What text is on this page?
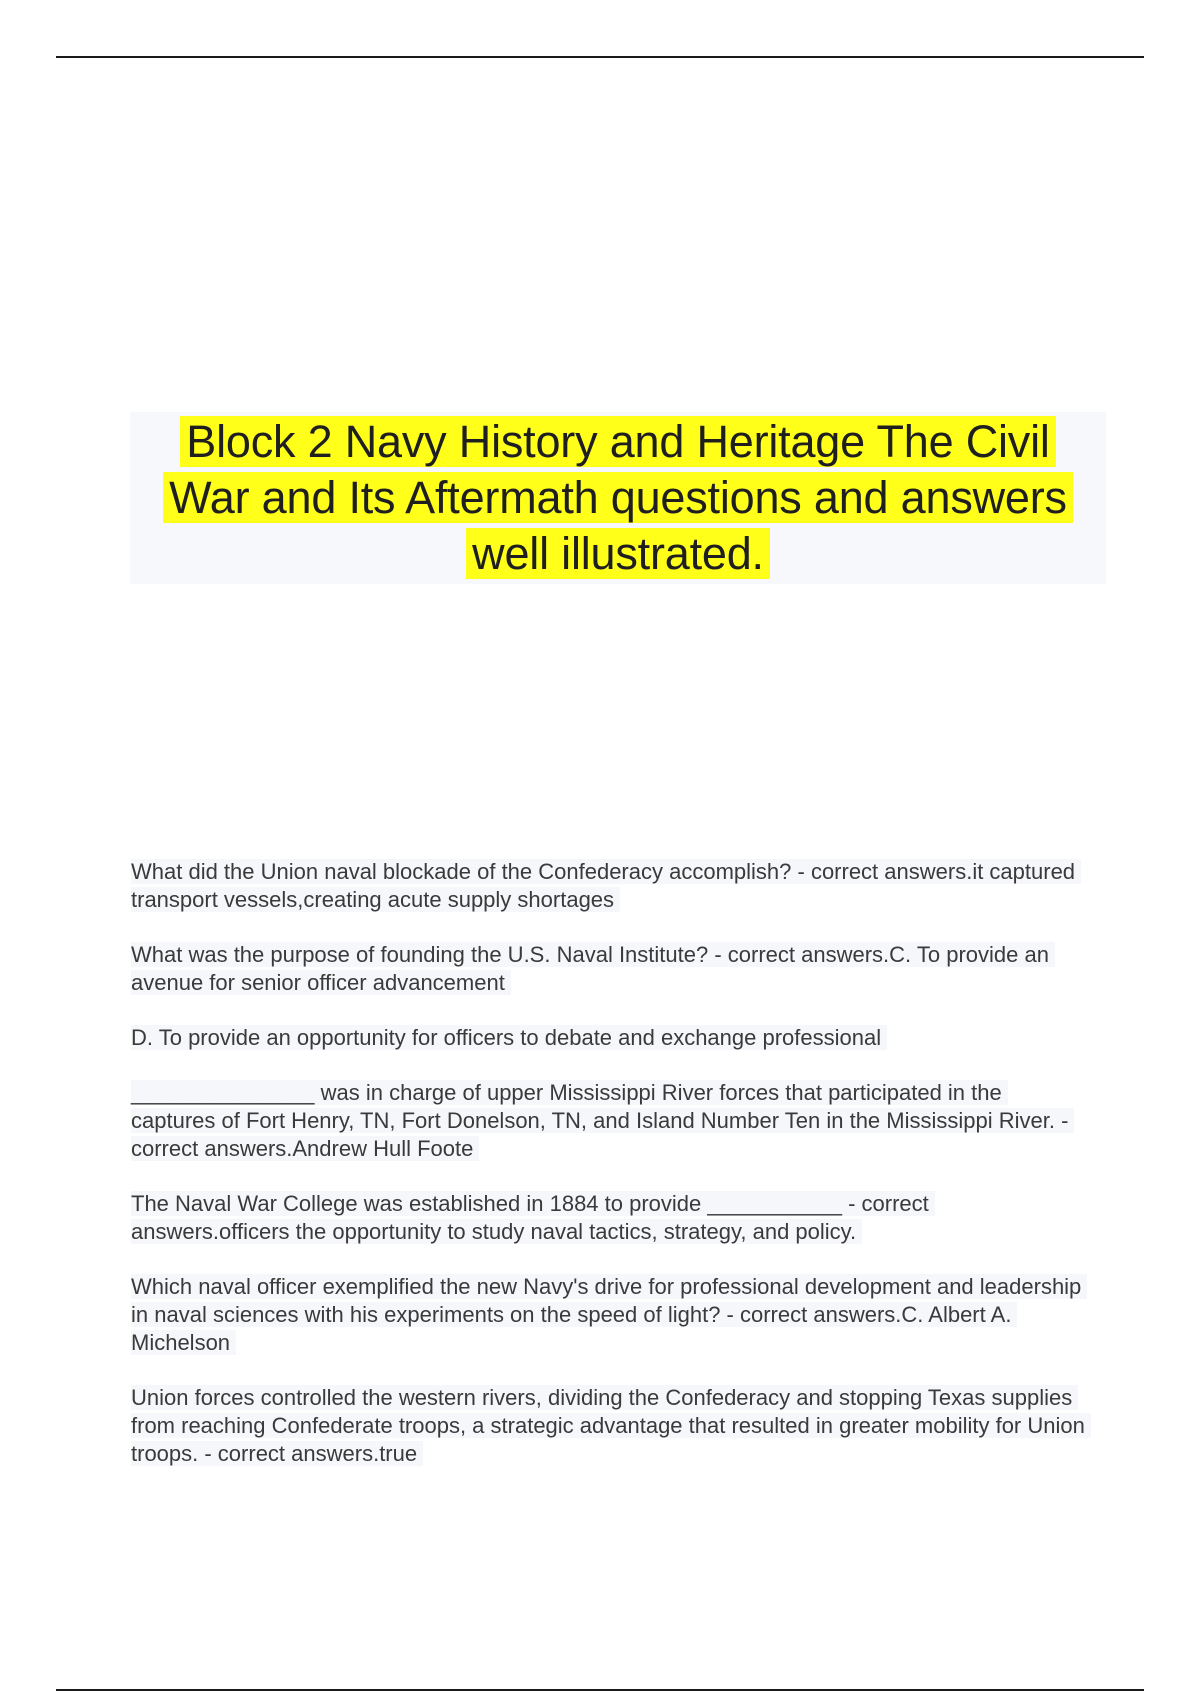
Block 2 Navy History and Heritage The Civil War and Its Aftermath questions and answers well illustrated.

What did the Union naval blockade of the Confederacy accomplish? - correct answers.it captured transport vessels,creating acute supply shortages

What was the purpose of founding the U.S. Naval Institute? - correct answers.C. To provide an avenue for senior officer advancement

D. To provide an opportunity for officers to debate and exchange professional

_______________ was in charge of upper Mississippi River forces that participated in the captures of Fort Henry, TN, Fort Donelson, TN, and Island Number Ten in the Mississippi River. - correct answers.Andrew Hull Foote

The Naval War College was established in 1884 to provide ___________ - correct answers.officers the opportunity to study naval tactics, strategy, and policy.

Which naval officer exemplified the new Navy's drive for professional development and leadership in naval sciences with his experiments on the speed of light? - correct answers.C. Albert A. Michelson

Union forces controlled the western rivers, dividing the Confederacy and stopping Texas supplies from reaching Confederate troops, a strategic advantage that resulted in greater mobility for Union troops. - correct answers.true
